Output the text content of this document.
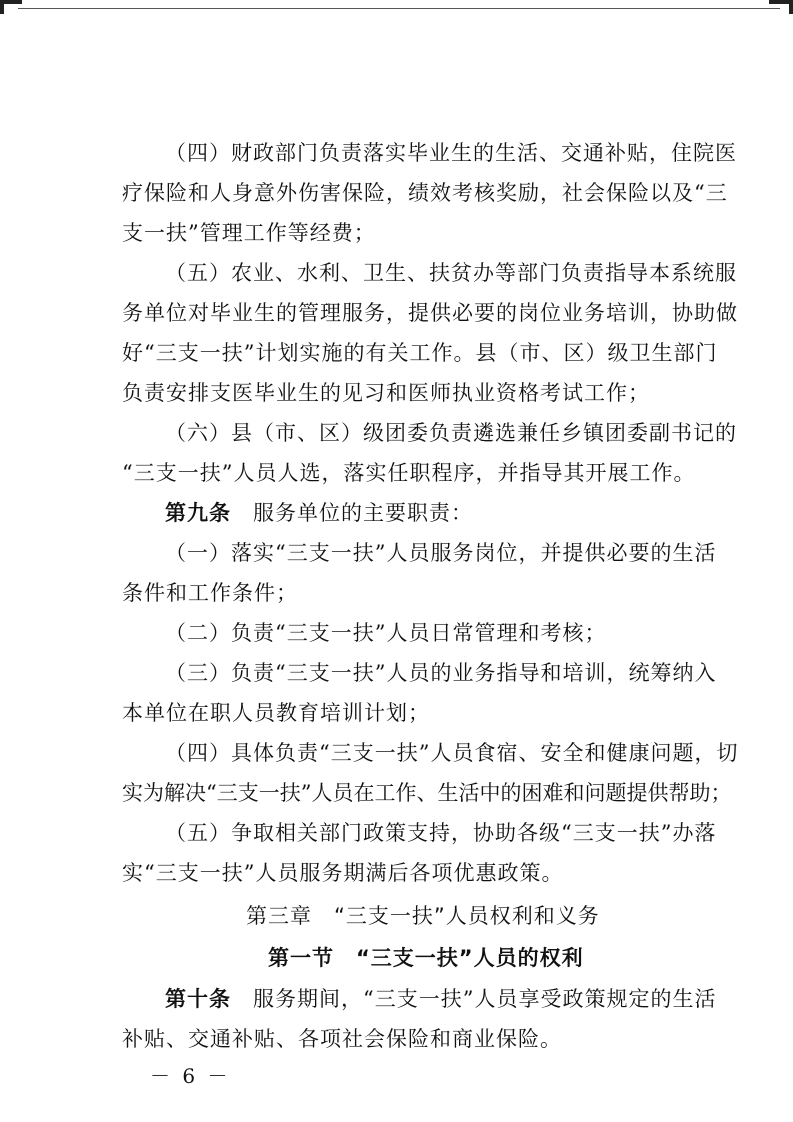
（四）财政部门负责落实毕业生的生活、交通补贴，住院医
疗保险和人身意外伤害保险，绩效考核奖励，社会保险以及“三
支一扶”管理工作等经费；
（五）农业、水利、卫生、扶贫办等部门负责指导本系统服
务单位对毕业生的管理服务，提供必要的岗位业务培训，协助做
好“三支一扶”计划实施的有关工作。县（市、区）级卫生部门
负责安排支医毕业生的见习和医师执业资格考试工作；
（六）县（市、区）级团委负责遴选兼任乡镇团委副书记的
“三支一扶”人员人选，落实任职程序，并指导其开展工作。
第九条　 服务单位的主要职责：
（一）落实“三支一扶”人员服务岗位，并提供必要的生活
条件和工作条件；
（二）负责“三支一扶”人员日常管理和考核；
（三）负责“三支一扶”人员的业务指导和培训，统筹纳入
本单位在职人员教育培训计划；
（四）具体负责“三支一扶”人员食宿、安全和健康问题，切
实为解决“三支一扶”人员在工作、生活中的困难和问题提供帮助；
（五）争取相关部门政策支持，协助各级“三支一扶”办落
实“三支一扶”人员服务期满后各项优惠政策。
第三章　“三支一扶”人员权利和义务
第一节　“三支一扶”人员的权利
第十条　 服务期间，“三支一扶”人员享受政策规定的生活
补贴、交通补贴、各项社会保险和商业保险。
－ 6 －
